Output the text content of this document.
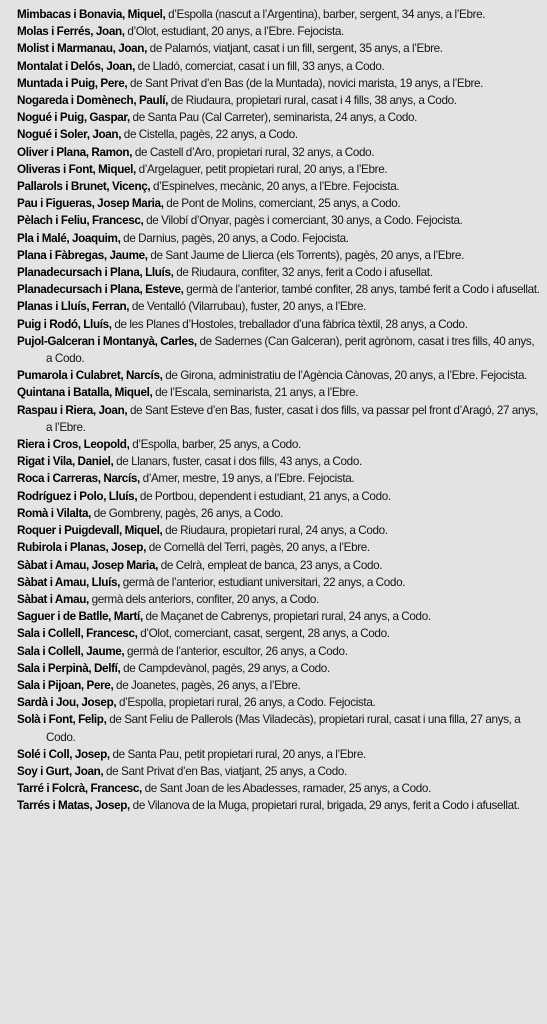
Mimbacas i Bonavia, Miquel, d’Espolla (nascut a l’Argentina), barber, sergent, 34 anys, a l’Ebre.
Molas i Ferrés, Joan, d’Olot, estudiant, 20 anys, a l’Ebre. Fejocista.
Molist i Marmanau, Joan, de Palamós, viatjant, casat i un fill, sergent, 35 anys, a l’Ebre.
Montalat i Delós, Joan, de Lladó, comerciat, casat i un fill, 33 anys, a Codo.
Muntada i Puig, Pere, de Sant Privat d’en Bas (de la Muntada), novici marista, 19 anys, a l’Ebre.
Nogareda i Domènech, Paulí, de Riudaura, propietari rural, casat i 4 fills, 38 anys, a Codo.
Nogué i Puig, Gaspar, de Santa Pau (Cal Carreter), seminarista, 24 anys, a Codo.
Nogué i Soler, Joan, de Cistella, pagès, 22 anys, a Codo.
Oliver i Plana, Ramon, de Castell d’Aro, propietari rural, 32 anys, a Codo.
Oliveras i Font, Miquel, d’Argelaguer, petit propietari rural, 20 anys, a l’Ebre.
Pallarols i Brunet, Vicenç, d’Espinelves, mecànic, 20 anys, a l’Ebre. Fejocista.
Pau i Figueras, Josep Maria, de Pont de Molins, comerciant, 25 anys, a Codo.
Pèlach i Feliu, Francesc, de Vilobí d’Onyar, pagès i comerciant, 30 anys, a Codo. Fejocista.
Pla i Malé, Joaquim, de Darnius, pagès, 20 anys, a Codo. Fejocista.
Plana i Fàbregas, Jaume, de Sant Jaume de Llierca (els Torrents), pagès, 20 anys, a l’Ebre.
Planadecursach i Plana, Lluís, de Riudaura, confiter, 32 anys, ferit a Codo i afusellat.
Planadecursach i Plana, Esteve, germà de l’anterior, també confiter, 28 anys, també ferit a Codo i afusellat.
Planas i Lluís, Ferran, de Ventalló (Vilarrubau), fuster, 20 anys, a l’Ebre.
Puig i Rodó, Lluís, de les Planes d’Hostoles, treballador d’una fàbrica tèxtil, 28 anys, a Codo.
Pujol-Galceran i Montanyà, Carles, de Sadernes (Can Galceran), perit agrònom, casat i tres fills, 40 anys, a Codo.
Pumarola i Culabret, Narcís, de Girona, administratiu de l’Agència Cànovas, 20 anys, a l’Ebre. Fejocista.
Quintana i Batalla, Miquel, de l’Escala, seminarista, 21 anys, a l’Ebre.
Raspau i Riera, Joan, de Sant Esteve d’en Bas, fuster, casat i dos fills, va passar pel front d’Aragó, 27 anys, a l’Ebre.
Riera i Cros, Leopold, d’Espolla, barber, 25 anys, a Codo.
Rigat i Vila, Daniel, de Llanars, fuster, casat i dos fills, 43 anys, a Codo.
Roca i Carreras, Narcís, d’Amer, mestre, 19 anys, a l’Ebre. Fejocista.
Rodríguez i Polo, Lluís, de Portbou, dependent i estudiant, 21 anys, a Codo.
Romà i Vilalta, de Gombreny, pagès, 26 anys, a Codo.
Roquer i Puigdevall, Miquel, de Riudaura, propietari rural, 24 anys, a Codo.
Rubirola i Planas, Josep, de Cornellà del Terri, pagès, 20 anys, a l’Ebre.
Sàbat i Amau, Josep Maria, de Celrà, empleat de banca, 23 anys, a Codo.
Sàbat i Amau, Lluís, germà de l’anterior, estudiant universitari, 22 anys, a Codo.
Sàbat i Amau, germà dels anteriors, confiter, 20 anys, a Codo.
Saguer i de Batlle, Martí, de Maçanet de Cabrenys, propietari rural, 24 anys, a Codo.
Sala i Collell, Francesc, d’Olot, comerciant, casat, sergent, 28 anys, a Codo.
Sala i Collell, Jaume, germà de l’anterior, escultor, 26 anys, a Codo.
Sala i Perpinà, Delfí, de Campdevànol, pagès, 29 anys, a Codo.
Sala i Pijoan, Pere, de Joanetes, pagès, 26 anys, a l’Ebre.
Sardà i Jou, Josep, d’Espolla, propietari rural, 26 anys, a Codo. Fejocista.
Solà i Font, Felip, de Sant Feliu de Pallerols (Mas Viladecàs), propietari rural, casat i una filla, 27 anys, a Codo.
Solé i Coll, Josep, de Santa Pau, petit propietari rural, 20 anys, a l’Ebre.
Soy i Gurt, Joan, de Sant Privat d’en Bas, viatjant, 25 anys, a Codo.
Tarré i Folcrà, Francesc, de Sant Joan de les Abadesses, ramader, 25 anys, a Codo.
Tarrés i Matas, Josep, de Vilanova de la Muga, propietari rural, brigada, 29 anys, ferit a Codo i afusellat.
